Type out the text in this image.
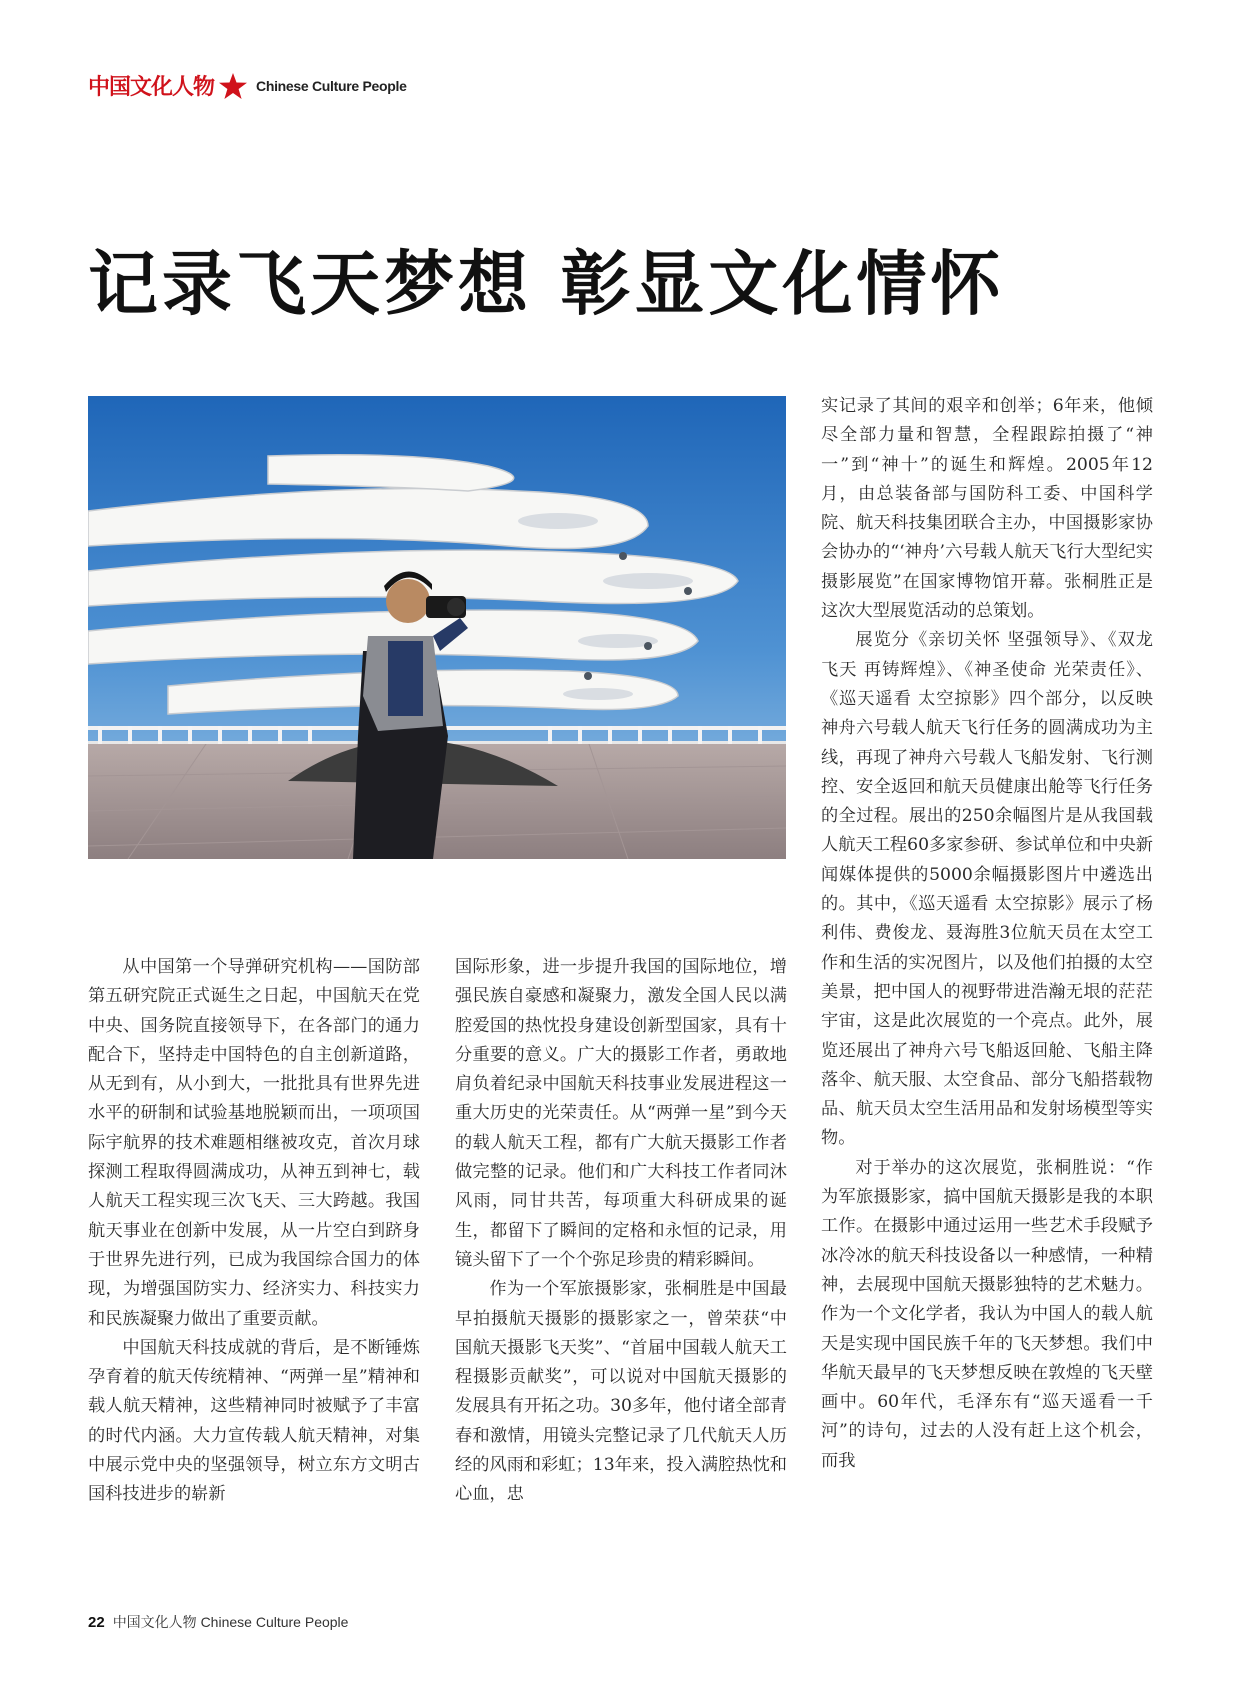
中国文化人物	Chinese Culture People
记录飞天梦想 彰显文化情怀

从中国第一个导弹研究机构——国防部第五研究院正式诞生之日起，中国航天在党中央、国务院直接领导下，在各部门的通力配合下，坚持走中国特色的自主创新道路，从无到有，从小到大，一批批具有世界先进水平的研制和试验基地脱颖而出，一项项国际宇航界的技术难题相继被攻克，首次月球探测工程取得圆满成功，从神五到神七，载人航天工程实现三次飞天、三大跨越。我国航天事业在创新中发展，从一片空白到跻身于世界先进行列，已成为我国综合国力的体现，为增强国防实力、经济实力、科技实力和民族凝聚力做出了重要贡献。

中国航天科技成就的背后，是不断锤炼孕育着的航天传统精神、“两弹一星”精神和载人航天精神，这些精神同时被赋予了丰富的时代内涵。大力宣传载人航天精神，对集中展示党中央的坚强领导，树立东方文明古国科技进步的崭新

国际形象，进一步提升我国的国际地位，增强民族自豪感和凝聚力，激发全国人民以满腔爱国的热忱投身建设创新型国家，具有十分重要的意义。广大的摄影工作者，勇敢地肩负着纪录中国航天科技事业发展进程这一重大历史的光荣责任。从“两弹一星”到今天的载人航天工程，都有广大航天摄影工作者做完整的记录。他们和广大科技工作者同沐风雨，同甘共苦，每项重大科研成果的诞生，都留下了瞬间的定格和永恒的记录，用镜头留下了一个个弥足珍贵的精彩瞬间。

作为一个军旅摄影家，张桐胜是中国最早拍摄航天摄影的摄影家之一，曾荣获“中国航天摄影飞天奖”、“首届中国载人航天工程摄影贡献奖”，可以说对中国航天摄影的发展具有开拓之功。30多年，他付诸全部青春和激情，用镜头完整记录了几代航天人历经的风雨和彩虹；13年来，投入满腔热忱和心血，忠

实记录了其间的艰辛和创举；6年来，他倾尽全部力量和智慧，全程跟踪拍摄了“神一”到“神十”的诞生和辉煌。2005年12月，由总装备部与国防科工委、中国科学院、航天科技集团联合主办，中国摄影家协会协办的“‘神舟’六号载人航天飞行大型纪实摄影展览”在国家博物馆开幕。张桐胜正是这次大型展览活动的总策划。

展览分《亲切关怀 坚强领导》、《双龙飞天 再铸辉煌》、《神圣使命 光荣责任》、《巡天遥看 太空掠影》四个部分，以反映神舟六号载人航天飞行任务的圆满成功为主线，再现了神舟六号载人飞船发射、飞行测控、安全返回和航天员健康出舱等飞行任务的全过程。展出的250余幅图片是从我国载人航天工程60多家参研、参试单位和中央新闻媒体提供的5000余幅摄影图片中遴选出的。其中，《巡天遥看 太空掠影》展示了杨利伟、费俊龙、聂海胜3位航天员在太空工作和生活的实况图片，以及他们拍摄的太空美景，把中国人的视野带进浩瀚无垠的茫茫宇宙，这是此次展览的一个亮点。此外，展览还展出了神舟六号飞船返回舱、飞船主降落伞、航天服、太空食品、部分飞船搭载物品、航天员太空生活用品和发射场模型等实物。

对于举办的这次展览，张桐胜说：“作为军旅摄影家，搞中国航天摄影是我的本职工作。在摄影中通过运用一些艺术手段赋予冰冷冰的航天科技设备以一种感情，一种精神，去展现中国航天摄影独特的艺术魅力。作为一个文化学者，我认为中国人的载人航天是实现中国民族千年的飞天梦想。我们中华航天最早的飞天梦想反映在敦煌的飞天壁画中。60年代，毛泽东有“巡天遥看一千河”的诗句，过去的人没有赶上这个机会，而我

22 中国文化人物 Chinese Culture People
